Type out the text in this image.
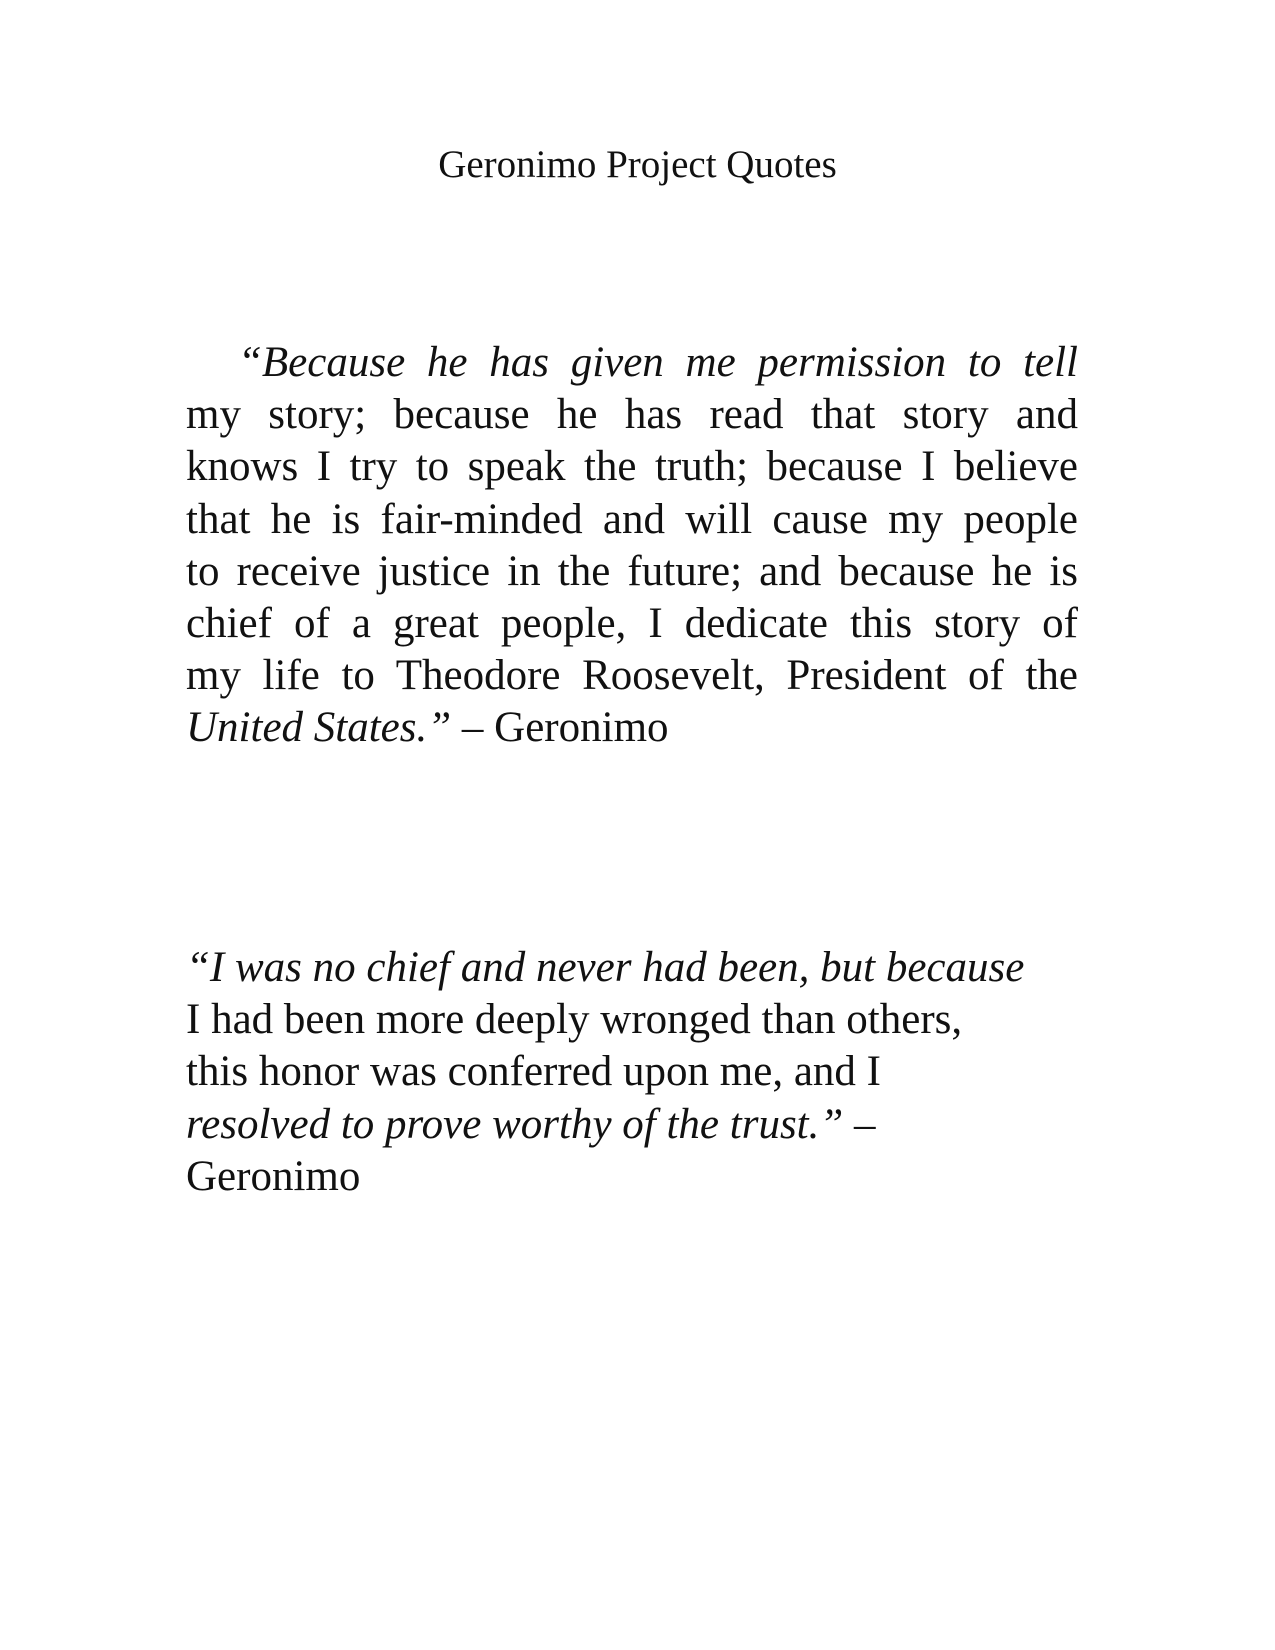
Geronimo Project Quotes
“Because he has given me permission to tell
my story; because he has read that story and
knows I try to speak the truth; because I believe
that he is fair-minded and will cause my people
to receive justice in the future; and because he is
chief of a great people, I dedicate this story of
my life to Theodore Roosevelt, President of the
United States.” – Geronimo
“I was no chief and never had been, but because
I had been more deeply wronged than others,
this honor was conferred upon me, and I
resolved to prove worthy of the trust.” –
Geronimo
